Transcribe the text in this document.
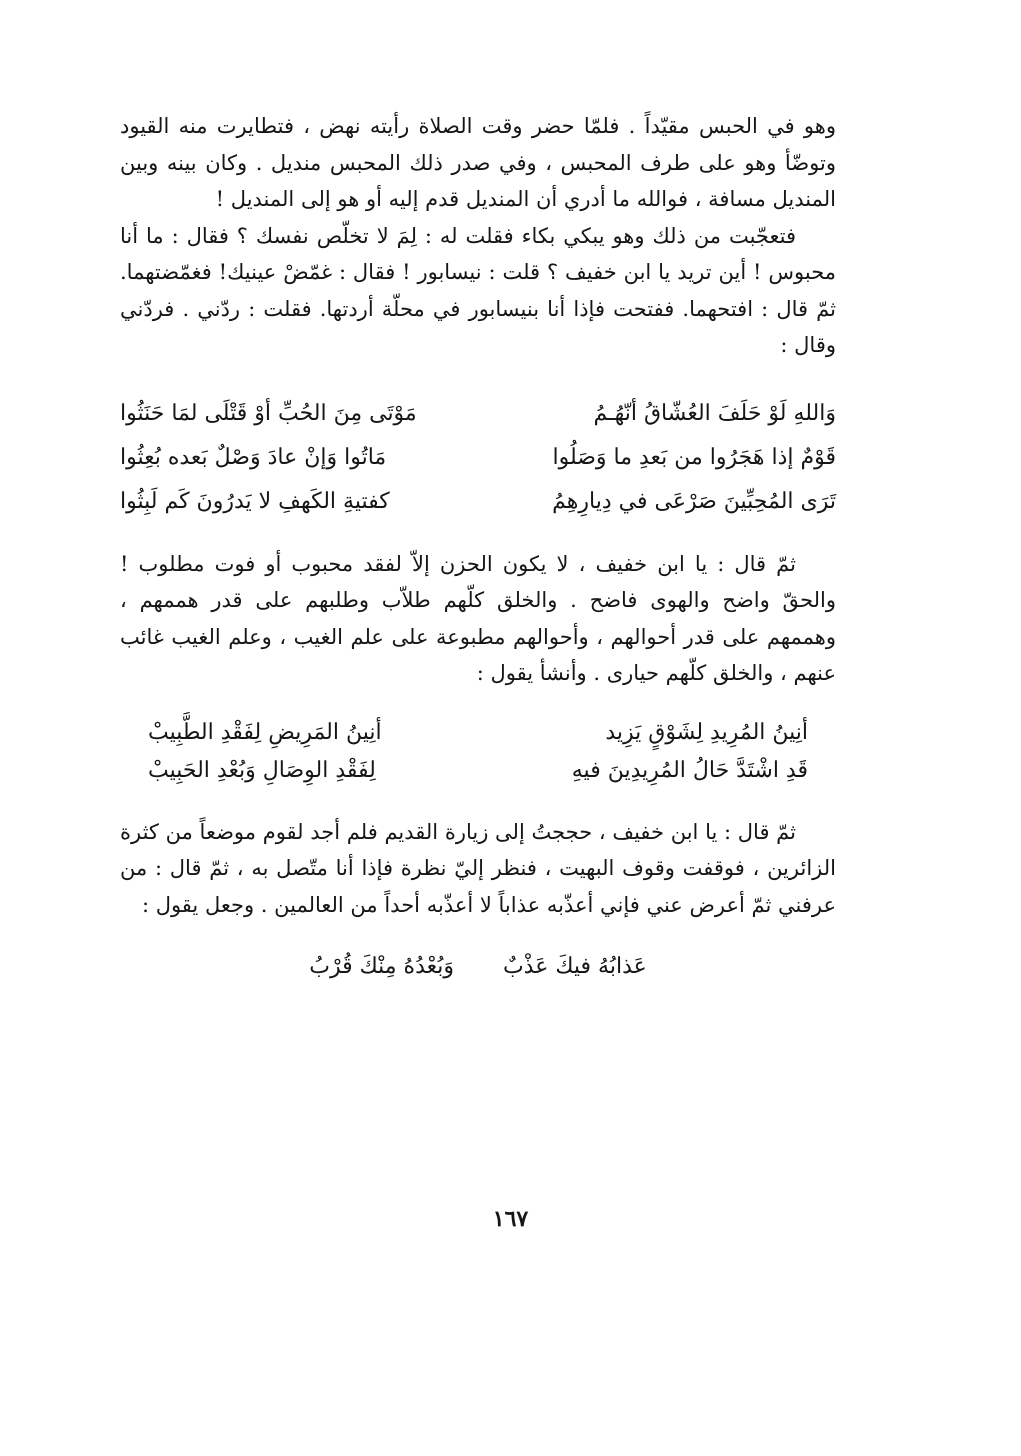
وهو في الحبس مقيّداً . فلمّا حضر وقت الصلاة رأيته نهض ، فتطايرت منه القيود وتوضّأ وهو على طرف المحبس ، وفي صدر ذلك المحبس منديل . وكان بينه وبين المنديل مسافة ، فوالله ما أدري أن المنديل قدم إليه أو هو إلى المنديل !

فتعجّبت من ذلك وهو يبكي بكاء فقلت له : لِمَ لا تخلّص نفسك ؟ فقال : ما أنا محبوس ! أين تريد يا ابن خفيف ؟ قلت : نيسابور ! فقال : غمّضْ عينيك! فغمّضتهما. ثمّ قال : افتحهما. ففتحت فإذا أنا بنيسابور في محلّة أردتها. فقلت : ردّني . فردّني وقال :

وَاللهِ لَوْ حَلَفَ العُشّاقُ أنّهُـمُ
مَوْتَى مِنَ الحُبِّ أوْ قَتْلَى لمَا حَنَثُوا
قَوْمٌ إذا هَجَرُوا من بَعدِ ما وَصَلُوا
مَاتُوا وَإنْ عادَ وَصْلٌ بَعده بُعِثُوا
تَرَى المُحِبِّينَ صَرْعَى في دِيارِهِمُ
كفتيةِ الكَهفِ لا يَدرُونَ كَم لَبِثُوا

ثمّ قال : يا ابن خفيف ، لا يكون الحزن إلاّ لفقد محبوب أو فوت مطلوب ! والحقّ واضح والهوى فاضح . والخلق كلّهم طلاّب وطلبهم على قدر هممهم ، وهممهم على قدر أحوالهم ، وأحوالهم مطبوعة على علم الغيب ، وعلم الغيب غائب عنهم ، والخلق كلّهم حيارى . وأنشأ يقول :

أنِينُ المُرِيدِ لِشَوْقٍ يَزِيد
أنِينُ المَرِيضِ لِفَقْدِ الطَّبِيبْ
قَدِ اشْتَدَّ حَالُ المُرِيدِينَ فيهِ
لِفَقْدِ الوِصَالِ وَبُعْدِ الحَبِيبْ

ثمّ قال : يا ابن خفيف ، حججتُ إلى زيارة القديم فلم أجد لقوم موضعاً من كثرة الزائرين ، فوقفت وقوف البهيت ، فنظر إليّ نظرة فإذا أنا متّصل به ، ثمّ قال : من عرفني ثمّ أعرض عني فإني أعذّبه عذاباً لا أعذّبه أحداً من العالمين . وجعل يقول :

عَذابُهُ فيكَ عَذْبٌ       وَبُعْدُهُ مِنْكَ قُرْبُ
١٦٧
